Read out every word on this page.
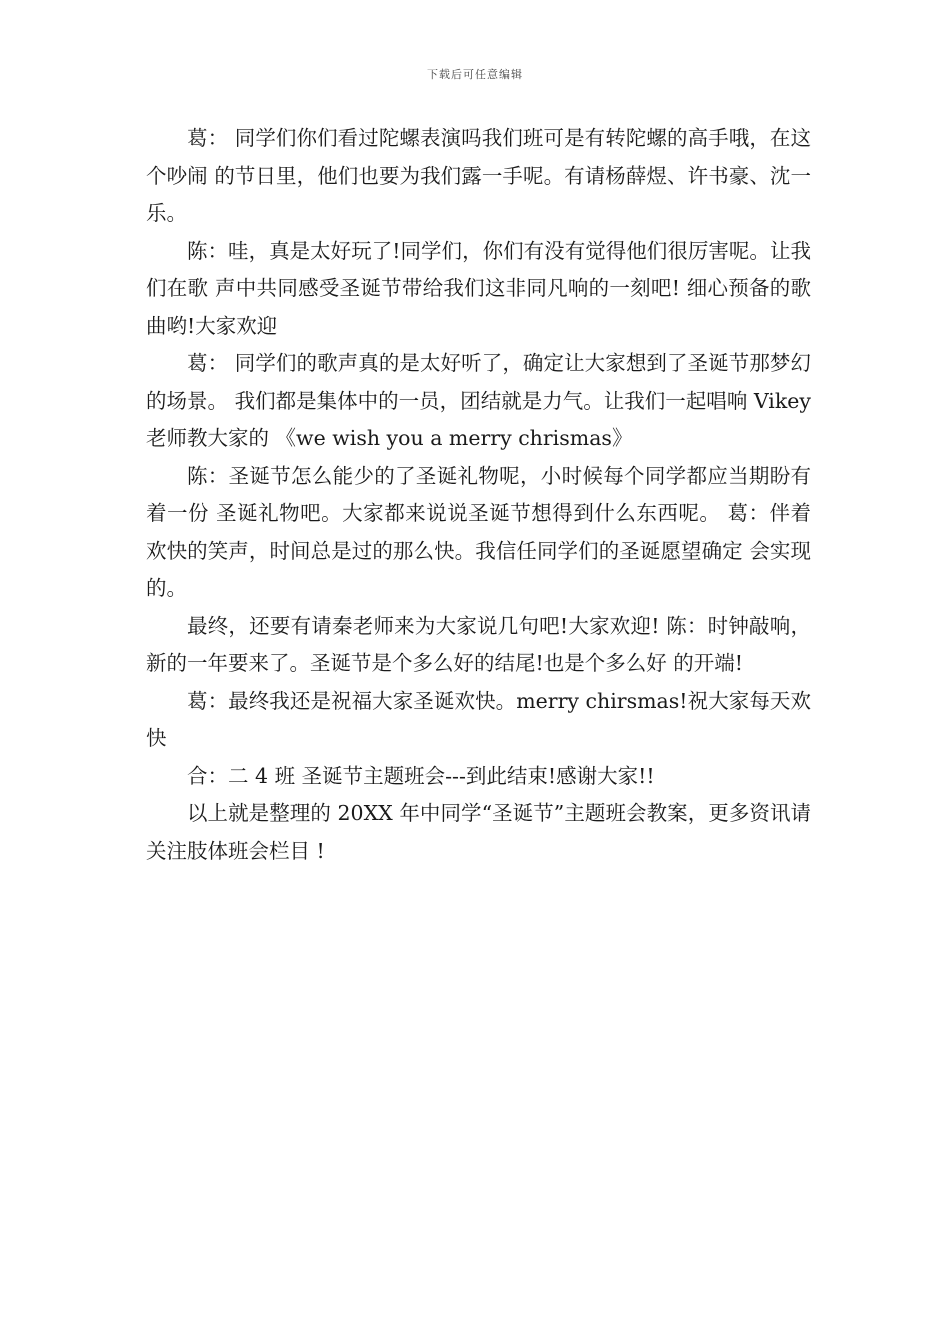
下载后可任意编辑

葛： 同学们你们看过陀螺表演吗我们班可是有转陀螺的高手哦，在这个吵闹 的节日里，他们也要为我们露一手呢。有请杨薛煜、许书豪、沈一乐。

陈：哇，真是太好玩了!同学们，你们有没有觉得他们很厉害呢。让我们在歌 声中共同感受圣诞节带给我们这非同凡响的一刻吧! 细心预备的歌曲哟!大家欢迎

葛： 同学们的歌声真的是太好听了，确定让大家想到了圣诞节那梦幻的场景。 我们都是集体中的一员，团结就是力气。让我们一起唱响 Vikey 老师教大家的 《we wish you a merry chrismas》

陈：圣诞节怎么能少的了圣诞礼物呢，小时候每个同学都应当期盼有着一份 圣诞礼物吧。大家都来说说圣诞节想得到什么东西呢。 葛：伴着欢快的笑声，时间总是过的那么快。我信任同学们的圣诞愿望确定 会实现的。

最终，还要有请秦老师来为大家说几句吧!大家欢迎! 陈：时钟敲响，新的一年要来了。圣诞节是个多么好的结尾!也是个多么好 的开端!

葛：最终我还是祝福大家圣诞欢快。merry chirsmas!祝大家每天欢快

合：二 4 班 圣诞节主题班会---到此结束!感谢大家!!

以上就是整理的 20XX 年中同学“圣诞节”主题班会教案，更多资讯请关注肢体班会栏目 !
